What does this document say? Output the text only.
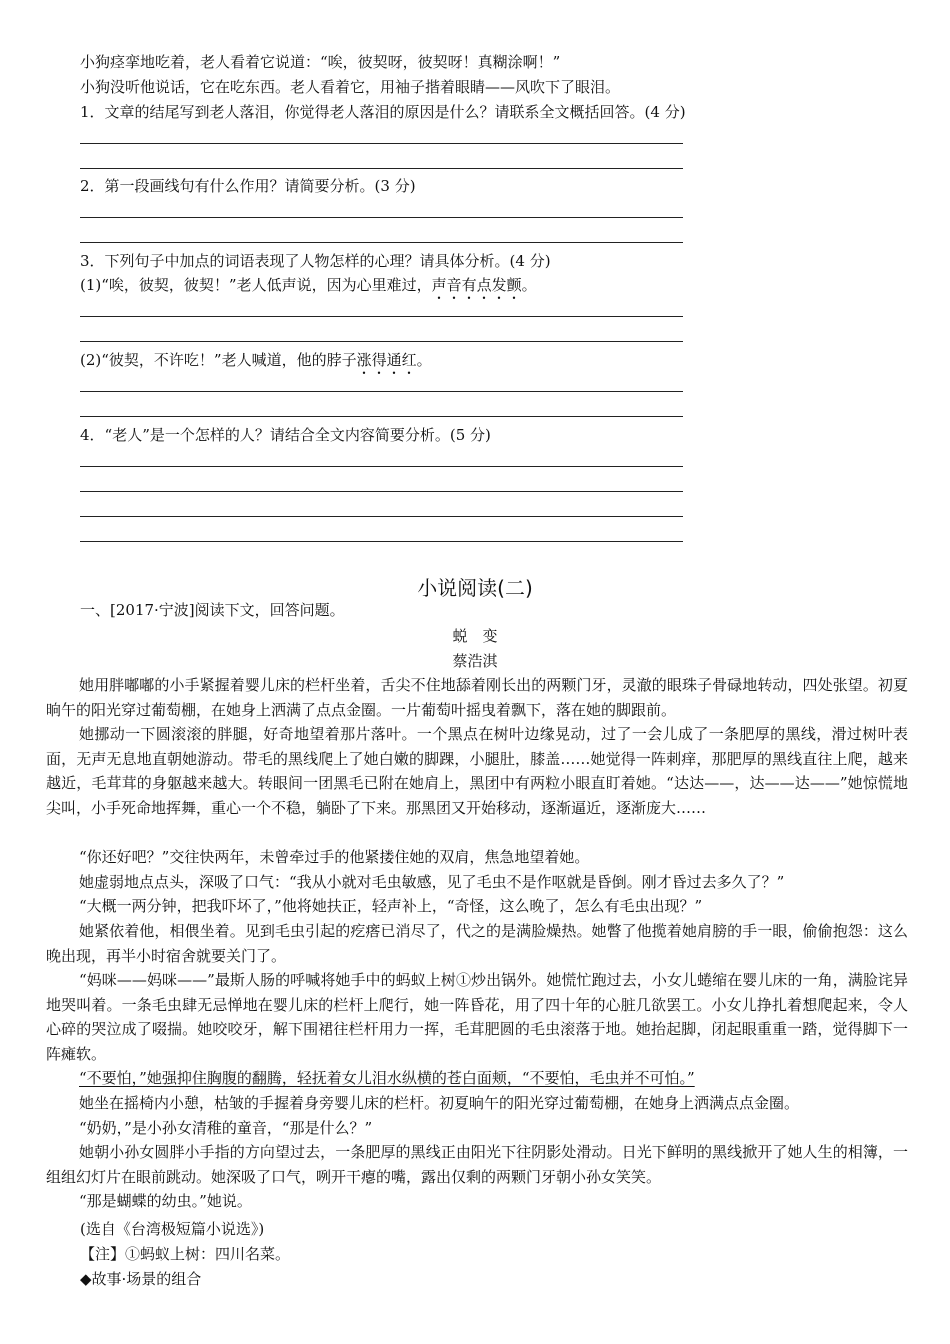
小狗痉挛地吃着，老人看着它说道：“唉，彼契呀，彼契呀！真糊涂啊！”
小狗没听他说话，它在吃东西。老人看着它，用袖子揩着眼睛——风吹下了眼泪。
1．文章的结尾写到老人落泪，你觉得老人落泪的原因是什么？请联系全文概括回答。(4 分)
2．第一段画线句有什么作用？请简要分析。(3 分)
3．下列句子中加点的词语表现了人物怎样的心理？请具体分析。(4 分)
(1)“唉，彼契，彼契！”老人低声说，因为心里难过，声音有点发颤。
(2)“彼契，不许吃！”老人喊道，他的脖子涨得通红。
4．“老人”是一个怎样的人？请结合全文内容简要分析。(5 分)
小说阅读(二)
一、[2017·宁波]阅读下文，回答问题。
蜕　变
蔡浩淇
她用胖嘟嘟的小手紧握着婴儿床的栏杆坐着，舌尖不住地舔着刚长出的两颗门牙，灵澈的眼珠子骨碌地转动，四处张望。初夏晌午的阳光穿过葡萄棚，在她身上洒满了点点金圈。一片葡萄叶摇曳着飘下，落在她的脚跟前。
她挪动一下圆滚滚的胖腿，好奇地望着那片落叶。一个黑点在树叶边缘晃动，过了一会儿成了一条肥厚的黑线，滑过树叶表面，无声无息地直朝她游动。带毛的黑线爬上了她白嫩的脚踝，小腿肚，膝盖……她觉得一阵刺痒，那肥厚的黑线直往上爬，越来越近，毛茸茸的身躯越来越大。转眼间一团黑毛已附在她肩上，黑团中有两粒小眼直盯着她。“达达——，达——达——”她惊慌地尖叫，小手死命地挥舞，重心一个不稳，躺卧了下来。那黑团又开始移动，逐渐逼近，逐渐庞大……
“你还好吧？”交往快两年，未曾牵过手的他紧搂住她的双肩，焦急地望着她。
她虚弱地点点头，深吸了口气：“我从小就对毛虫敏感，见了毛虫不是作呕就是昏倒。刚才昏过去多久了？”
“大概一两分钟，把我吓坏了，”他将她扶正，轻声补上，“奇怪，这么晚了，怎么有毛虫出现？”
她紧依着他，相偎坐着。见到毛虫引起的疙瘩已消尽了，代之的是满脸燥热。她瞥了他揽着她肩膀的手一眼，偷偷抱怨：这么晚出现，再半小时宿舍就要关门了。
“妈咪——妈咪——”最斯人肠的呼喊将她手中的蚂蚁上树①炒出锅外。她慌忙跑过去，小女儿蜷缩在婴儿床的一角，满脸诧异地哭叫着。一条毛虫肆无忌惮地在婴儿床的栏杆上爬行，她一阵昏花，用了四十年的心脏几欲罢工。小女儿挣扎着想爬起来，令人心碎的哭泣成了啜揣。她咬咬牙，解下围裙往栏杆用力一挥，毛茸肥圆的毛虫滚落于地。她抬起脚，闭起眼重重一踏，觉得脚下一阵瘫软。
“不要怕，”她强抑住胸腹的翻腾，轻抚着女儿泪水纵横的苍白面颊，“不要怕，毛虫并不可怕。”
她坐在摇椅内小憩，枯皱的手握着身旁婴儿床的栏杆。初夏晌午的阳光穿过葡萄棚，在她身上洒满点点金圈。
“奶奶，”是小孙女清稚的童音，“那是什么？”
她朝小孙女圆胖小手指的方向望过去，一条肥厚的黑线正由阳光下往阴影处滑动。日光下鲜明的黑线掀开了她人生的相簿，一组组幻灯片在眼前跳动。她深吸了口气，咧开干瘪的嘴，露出仅剩的两颗门牙朝小孙女笑笑。
“那是蝴蝶的幼虫。”她说。
(选自《台湾极短篇小说选》)
【注】①蚂蚁上树：四川名菜。
◆故事·场景的组合
